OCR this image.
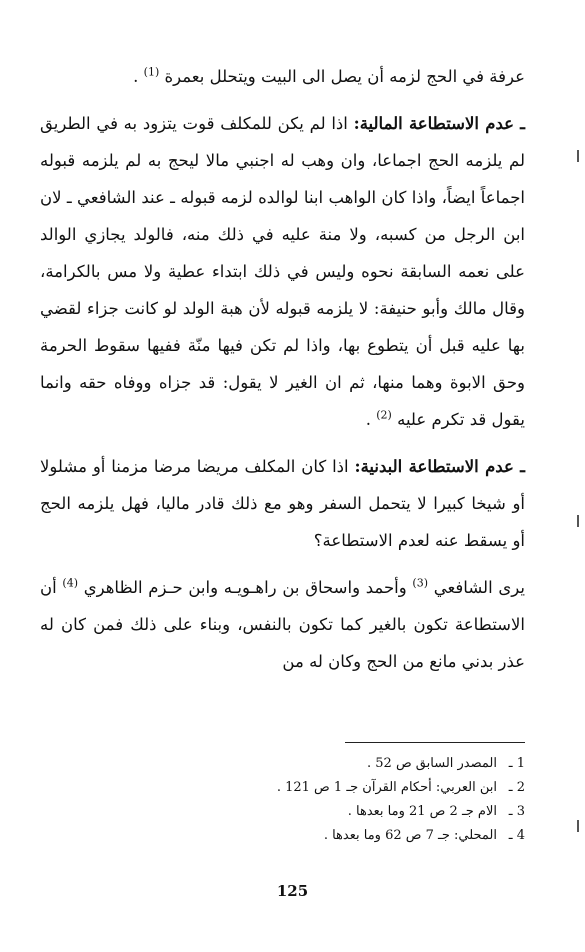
عرفة في الحج لزمه أن يصل الى البيت ويتحلل بعمرة $^{(1)}$ .

ـ عدم الاستطاعة المالية: اذا لم يكن للمكلف قوت يتزود به في الطريق لم يلزمه الحج اجماعا، وان وهب له اجنبي مالا ليحج به لم يلزمه قبوله اجماعاً ايضاً، واذا كان الواهب ابنا لوالده لزمه قبوله ـ عند الشافعي ـ لان ابن الرجل من كسبه، ولا منة عليه في ذلك منه، فالولد يجازي الوالد على نعمه السابقة نحوه وليس في ذلك ابتداء عطية ولا مس بالكرامة، وقال مالك وأبو حنيفة: لا يلزمه قبوله لأن هبة الولد لو كانت جزاء لقضي بها عليه قبل أن يتطوع بها، واذا لم تكن فيها منّة ففيها سقوط الحرمة وحق الابوة وهما منها، ثم ان الغير لا يقول: قد جزاه ووفاه حقه وانما يقول قد تكرم عليه $^{(2)}$ .

ـ عدم الاستطاعة البدنية: اذا كان المكلف مريضا مرضا مزمنا أو مشلولا أو شيخا كبيرا لا يتحمل السفر وهو مع ذلك قادر ماليا، فهل يلزمه الحج أو يسقط عنه لعدم الاستطاعة؟

يرى الشافعي $^{(3)}$ وأحمد واسحاق بن راهـويـه وابن حـزم الظاهري $^{(4)}$ أن الاستطاعة تكون بالغير كما تكون بالنفس، وبناء على ذلك فمن كان له عذر بدني مانع من الحج وكان له من

1 ـ
المصدر السابق ص 52 .
2 ـ
ابن العربي: أحكام القرآن جـ 1 ص 121 .
3 ـ
الام جـ 2 ص 21 وما بعدها .
4 ـ
المحلي: جـ 7 ص 62 وما بعدها .
125
